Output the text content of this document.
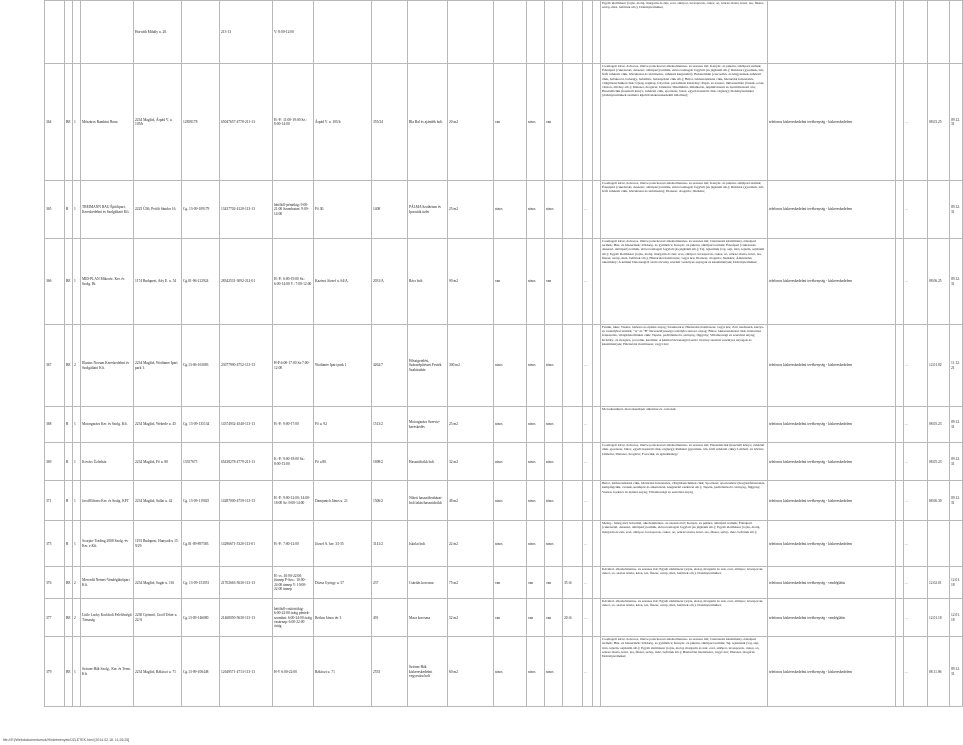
				Horváth Mihály u. 20.		213-13	V: 8:00-12:00											Egyéb élelmiszer (tojás, étolaj, margarin és zsír, ecet, sütőpor, levesporok, cukor, só, száraz tészta, kávé, tea, fűszer, szörp, méz, befőttek stb.); Dohányterméket;						
364	BE	1	Mészáros Bambini Bona	2234 Maglód, Árpád V. u. 105/b	12858178	65047657-4778-211-13	H.-P.: 11:00-19:00 Sz.: 8:00-14:00	Árpád V. u. 105/b	355/24	Bla Bal és ajándék bolt	20 m2	van	nincs	van				Csomagolt kávé, dobozos, illetve palackozott alkoholmentes- és szeszes ital; Kenyér- és pékáru, sütőipari termék; Édesipari (cukrászati, desszert, sütőipari) termék, előrecsomagolt fagylalt (és jégkrém stb.); Ruházat (gyermek, női, férfi ruházati cikk, bőrruházat és szőrmeáru, ruházati kiegészítő); Babatermék (csecsemő- és kisgyermek-ruházati cikk, babakocsi, babaágy, babaülés, babaápolási cikk stb.); Bútor, lakberendezési cikk, háztartási felszerelés, világítástechnikai cikk; Újság, napilap, folyóirat, periodikus kiadvány; Papír- és írószer, művészellátó (festék, ecset, vászon, állvány stb.); Illatszer, drogéria; Játékáru; Díszműáru, műalkotás, népművészeti és iparművészeti áru; Használtcikk (használt könyv, ruházati cikk, sportszer, bútor, egyéb használt cikk, régiség); Dohányterméket (dohánytermékek számára kijelölt kiskereskedelmi üzletben);	telefonos kiskereskedelmi tevékenység - kiskereskedelem		...	08.03.25	09.12.31	
365	R	1	TREIMANN BAU Építőipari, Kereskedelmi és Szolgáltató Kft.	2225 Üllő, Petőfi Sándor 16.	Cg. 13-09-109179	13437702-4120-113-13	hétfőtől-péntekig: 9:00-21:00 Szombaton: 9:00-14:00	Fő 30.	1408	PÁLMA Szolárium és Ipacuták üzlet	25 m2	nincs	nincs	nincs		...		Csomagolt kávé, dobozos, illetve palackozott alkoholmentes- és szeszes ital; Kenyér- és pékáru, sütőipari termék; Édesipari (cukrászati, desszert, sütőipari) termék, előrecsomagolt fagylalt (és jégkrém stb.); Ruházat (gyermek, női, férfi ruházati cikk, bőrruházat és szőrmeáru); Illatszer, drogéria; Játékáru;	telefonos kiskereskedelmi tevékenység - kiskereskedelem		...		09.12.31	
366	BE	1	MID-PLAN Mikroéz. Ker. és Szolg. Bt.	1174 Budapest, Ady E. u. 54	Cg.01-06-212924	28342531-3092-212-01	H.-P.: 6:00-19:00 Sz.: 6:00-14:00 V.: 7:00-12:00	Kazinci József u. 64/A.	2031/A	Rács bolt	90 m2	van	nincs	van		...		Csomagolt kávé, dobozos, illetve palackozott alkoholmentes- és szeszes ital; Cukrászati készítmény, édesipari termék; Hús- és hústermék; Zöldség- és gyümölcs; Kenyér- és pékáru, sütőipari termék; Édesipari (cukrászati, desszert, sütőipari) termék, előrecsomagolt fagylalt (és jégkrém stb.); Tej, tejtermék (vaj, sajt, túró, tejszín, sajtkrém stb.); Egyéb élelmiszer (tojás, étolaj, margarin és zsír, ecet, sütőpor, levesporok, cukor, só, száraz tészta, kávé, tea, fűszer, szörp, méz, befőttek stb.); Háztartási tisztítószer, vegyi áru; Illatszer, drogéria; Játékáru; Állateledel, takarmány; A kémiai biztonságról szóló törvény szerinti veszélyes anyagok és készítmények; Dohányterméket;	telefonos kiskereskedelmi tevékenység - kiskereskedelem		...	08.06.25	09.12.31	
367	BE	2	Illustus Novum Kereskedelmi és Szolgáltató Kft.	2234 Maglód, Wodianer Ipari park 1.	Cg.13-06-163083	23077990-4752-113-13	H-P:6:00-17:00 Sz:7:00-12:00	Wodianer Ipari park 1	4262/7	Hőszigetelési, Szárazépítészet Festék Szakáruház	300 m2	nincs	nincs	nincs		...		Festék, lakk; Vasáru, barkács és építési anyag; Szaniteráru; Háztartási tisztítószer, vegyi áru; Zárt rendszerű, kártya- és vaskályhai termék; "A" és "B" tűzveszélyességi osztályba tartozó anyag; Bútor, lakberendezési cikk, háztartási felszerelés, világítástechnikai cikk; Tapéta, padlóburkoló, szőnyeg, függöny; Villamossági és szerelési anyag; Kristály- és üvegáru, porcelán, kerámia; A kémiai biztonságról szóló törvény szerinti veszélyes anyagok és készítmények; Háztartási tisztítószer, vegyi áru;	telefonos kiskereskedelmi tevékenység - kiskereskedelem		...	12.01.02	11.12.21	
368	R	1	Motorgarázs Ker. és Szolg. Kft.	2234 Maglód, Wekerle u. 45	Cg. 13-09-135134	14374932-4540-113-13	H.-P.: 9:00-17:00	Fő u. 92	1513/2	Motorgarázs Szerviz-kereskedés	25 m2	nincs	nincs	nincs		...		Motorkerékpár, motorkerékpár alkatrész és -tartozék	telefonos kiskereskedelmi tevékenység - kiskereskedelem		...	08.05.23	09.12.31	
369	R	1	Kovács Üzletház	2234 Maglód, Fő u. 80	13557675	65438278-4779-211-13	K.-P.: 9:00-18:00 Sz.: 8:00-13:00	Fő u 80.	1698/2	Használtcikk bolt	32 m2	nincs	nincs	nincs		...		Csomagolt kávé, dobozos, illetve palackozott alkoholmentes- és szeszes ital; Használtcikk (használt könyv, ruházati cikk, sportszer, bútor, egyéb használt cikk, régiség); Ruházat (gyermek, női, férfi ruházati cikk); Lábbeli- és bőráru; Játékáru; Illatszer, drogéria; Fotocikk, és ajándéktárgy	telefonos kiskereskedelmi tevékenység - kiskereskedelem		...	08.05.23	09.12.31	
371	R	1	JacoMilvaeo Ker. és Szolg. KFT	2234 Maglód, Sallai u. 42	Cg. 13-09-119025	14287000-4759-113-13	H.-P.: 9:00-12:00; 14:00-18:00 Sz.:9:00-14:00	Damjanich János u. 21	1506/2	Nőteti használtruházat-bolt lakás/használtcikk	48 m2	nincs	nincs	nincs		...		Bútor, lakberendezési cikk, háztartási felszerelés, világítástechnikai cikk; Sportszer, sporteszköz (horgászfelszerelés, kempingcikk, csónak, kerékpár és alkatrészei, kiegészítő eszközei stb.); Tapéta, padlóburkoló, szőnyeg, függöny; Vasáru, barkács és építési anyag; Villamossági és szerelési anyag	telefonos kiskereskedelmi tevékenység - kiskereskedelem		...	08.06.30	09.12.31	
375	R	1	Scorpio-Trading 2008 Szolg.-és Ker. e.Kft.	1193 Budapest, Hunyadi u 15. 9/29.	Cg.01-09-897583	14296671-5320-113-01	H.-P.: 7:00-12:00	József A. ker. 33-35	3141/2	Iskolai bolt	22 m2	nincs	nincs	nincs		...		Meleg-, hideg étel; Kávéital, alkoholmentes- és szeszes ital; Kenyér- és pékáru, sütőipari termék; Édesipari (cukrászati, desszert, sütőipari) termék, előrecsomagolt fagylalt (és jégkrém stb.); Egyéb élelmiszer (tojás, étolaj, margarin és zsír, ecet, sütőpor, levesporok, cukor, só, száraz tészta, kávé, tea, fűszer, szörp, méz, befőttek stb.);	telefonos kiskereskedelmi tevékenység - kiskereskedelem		...			
376	BE	2	Mercedű Nemes-Vendéglátóipari Kft.	2234 Maglód, Sugár u. 116	Cg. 13-09-153051	21702663-5630-113-13	H.-cs.:10:00-22:00; (ünnep P-Szo.: 10:00-24:00 ünnep V: 10:00-22:00 ünnep	Dózsa György u. 37	237	Csárdás korcsma	75 m2	van	van	van	35 fő	...		Kávéital, alkoholmentes- és szeszes ital; Egyéb élelmiszer (tojás, étolaj, margarin és zsír, ecet, sütőpor, levesporok, cukor, só, száraz tészta, kávé, tea, fűszer, szörp, méz, befőttek stb.); Dohányterméket;	telefonos kiskereskedelmi tevékenység - vendéglátás		...	12.02.01	12.01.18	
377	BE	2	Little Lucky Korlátolt Felelősségű Társaság	2230 Gyömrő, Groff Tebér u. 22/A	Cg.13-09-146080	21468050-5630-113-13	hétfőtől-csütörtökig: 6:00-22:00 óráig péntek-szombat: 6:00-24:00 óráig vasárnap: 6:00-22:00 óráig	Bethos János tér 3	491	Maca korcsma	52 m2	van	van	van	20 fő	...		Kávéital, alkoholmentes- és szeszes ital; Egyéb élelmiszer (tojás, étolaj, margarin és zsír, ecet, sütőpor, levesporok, cukor, só, száraz tészta, kávé, tea, fűszer, szörp, méz, befőttek stb.); Dohányterméket;	telefonos kiskereskedelmi tevékenység - vendéglátás		...	12.01.18	12.01.18	
379	BE	1	Szirom-Hák Szolg., Ker. és Term. Kft.	2234 Maglód, Rákóczi u. 71	Cg.13-09-106448	12649571-4713-113-13	H-V 6:00-22:00	Rákóczi u. 71	2553	Szirom-Hák kiskereskedelmi vegyesáru bolt	60 m2	nincs	nincs	nincs		...		Csomagolt kávé, dobozos, illetve palackozott alkoholmentes- és szeszes ital; Cukrászati készítmény, édesipari termék; Hús- és hústermék; Zöldség- és gyümölcs; Kenyér- és pékáru, sütőipari termék; Tej, tejtermék (vaj, sajt, túró, tejszín, sajtkrém stb.); Egyéb élelmiszer (tojás, étolaj, margarin és zsír, ecet, sütőpor, levesporok, cukor, só, száraz tészta, kávé, tea, fűszer, szörp, méz, befőttek stb.); Háztartási tisztítószer, vegyi áru; Illatszer, drogéria; Dohányterméket;	telefonos kiskereskedelmi tevékenység - kiskereskedelem		...	08.11.06	09.12.31	
file:///E|/Webdokumentumok/Hirdetmények/ÜZLETEK.html [2014.02.18. 11:26:25]
